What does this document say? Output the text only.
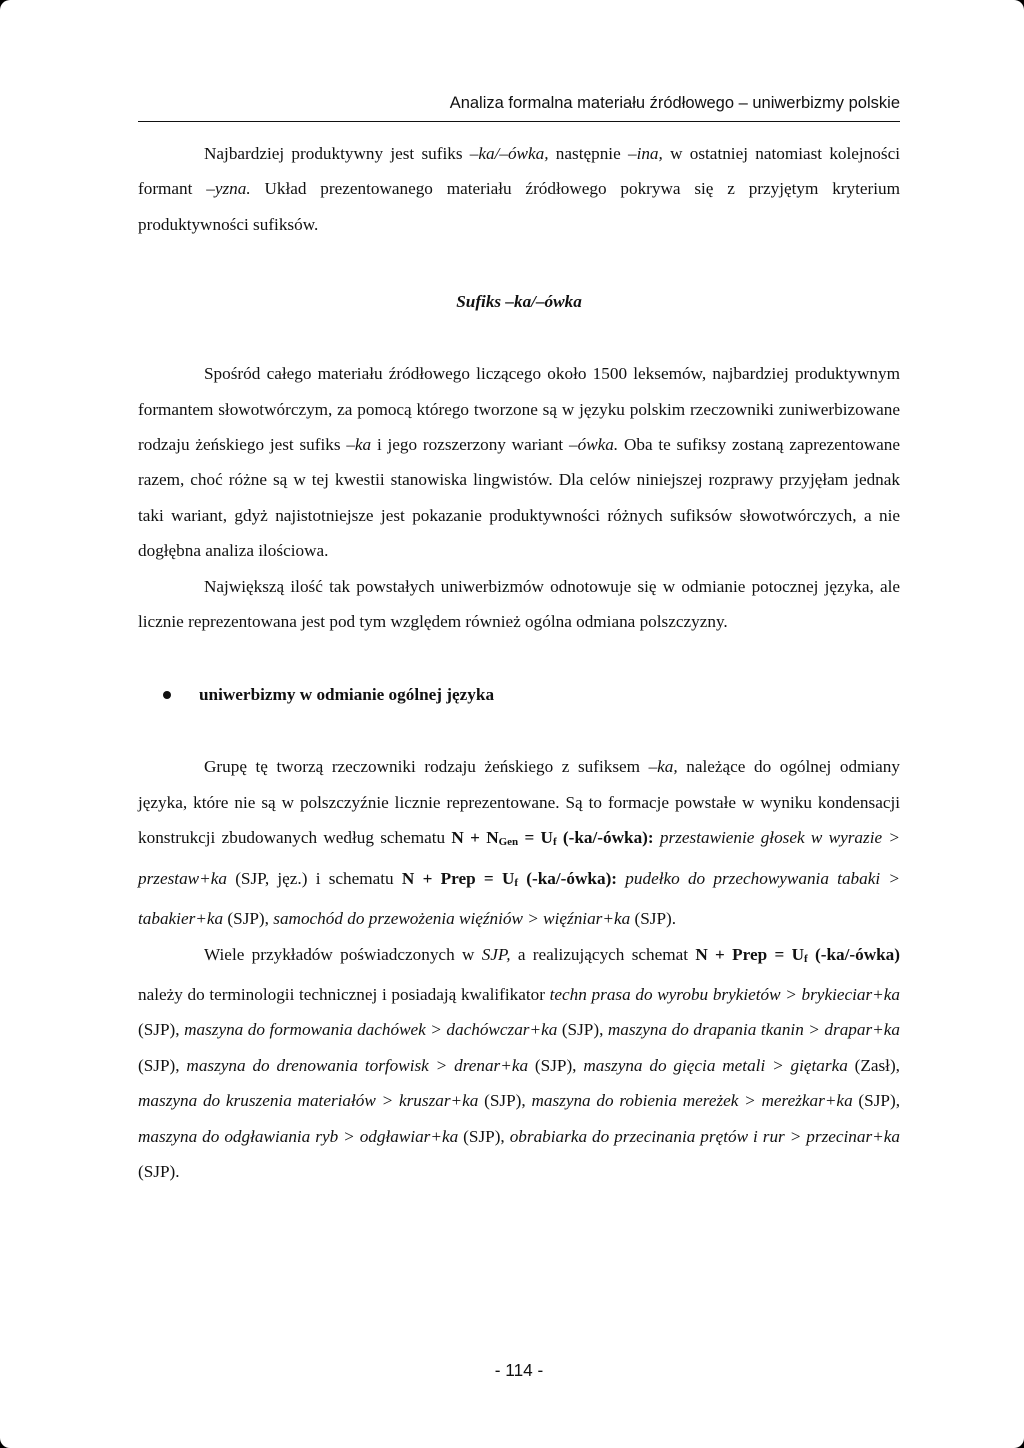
Analiza formalna materiału źródłowego – uniwerbizmy polskie

Najbardziej produktywny jest sufiks –ka/–ówka, następnie –ina, w ostatniej natomiast kolejności formant –yzna. Układ prezentowanego materiału źródłowego pokrywa się z przyjętym kryterium produktywności sufiksów.

Sufiks –ka/–ówka

Spośród całego materiału źródłowego liczącego około 1500 leksemów, najbardziej produktywnym formantem słowotwórczym, za pomocą którego tworzone są w języku polskim rzeczowniki zuniwerbizowane rodzaju żeńskiego jest sufiks –ka i jego rozszerzony wariant –ówka. Oba te sufiksy zostaną zaprezentowane razem, choć różne są w tej kwestii stanowiska lingwistów. Dla celów niniejszej rozprawy przyjęłam jednak taki wariant, gdyż najistotniejsze jest pokazanie produktywności różnych sufiksów słowotwórczych, a nie dogłębna analiza ilościowa.

Największą ilość tak powstałych uniwerbizmów odnotowuje się w odmianie potocznej języka, ale licznie reprezentowana jest pod tym względem również ogólna odmiana polszczyzny.

uniwerbizmy w odmianie ogólnej języka

Grupę tę tworzą rzeczowniki rodzaju żeńskiego z sufiksem –ka, należące do ogólnej odmiany języka, które nie są w polszczyźnie licznie reprezentowane. Są to formacje powstałe w wyniku kondensacji konstrukcji zbudowanych według schematu $N + N_{Gen} = U_f$ (-ka/-ówka): przestawienie głosek w wyrazie > przestaw+ka (SJP, jęz.) i schematu N + Prep = $U_f$ (-ka/-ówka): pudełko do przechowywania tabaki > tabakier+ka (SJP), samochód do przewożenia więźniów > więźniar+ka (SJP).

Wiele przykładów poświadczonych w SJP, a realizujących schemat N + Prep = $U_f$ (-ka/-ówka) należy do terminologii technicznej i posiadają kwalifikator techn prasa do wyrobu brykietów > brykieciar+ka (SJP), maszyna do formowania dachówek > dachówczar+ka (SJP), maszyna do drapania tkanin > drapar+ka (SJP), maszyna do drenowania torfowisk > drenar+ka (SJP), maszyna do gięcia metali > giętarka (Zasł), maszyna do kruszenia materiałów > kruszar+ka (SJP), maszyna do robienia mereżek > mereżkar+ka (SJP), maszyna do odgławiania ryb > odgławiar+ka (SJP), obrabiarka do przecinania prętów i rur > przecinar+ka (SJP).

- 114 -
